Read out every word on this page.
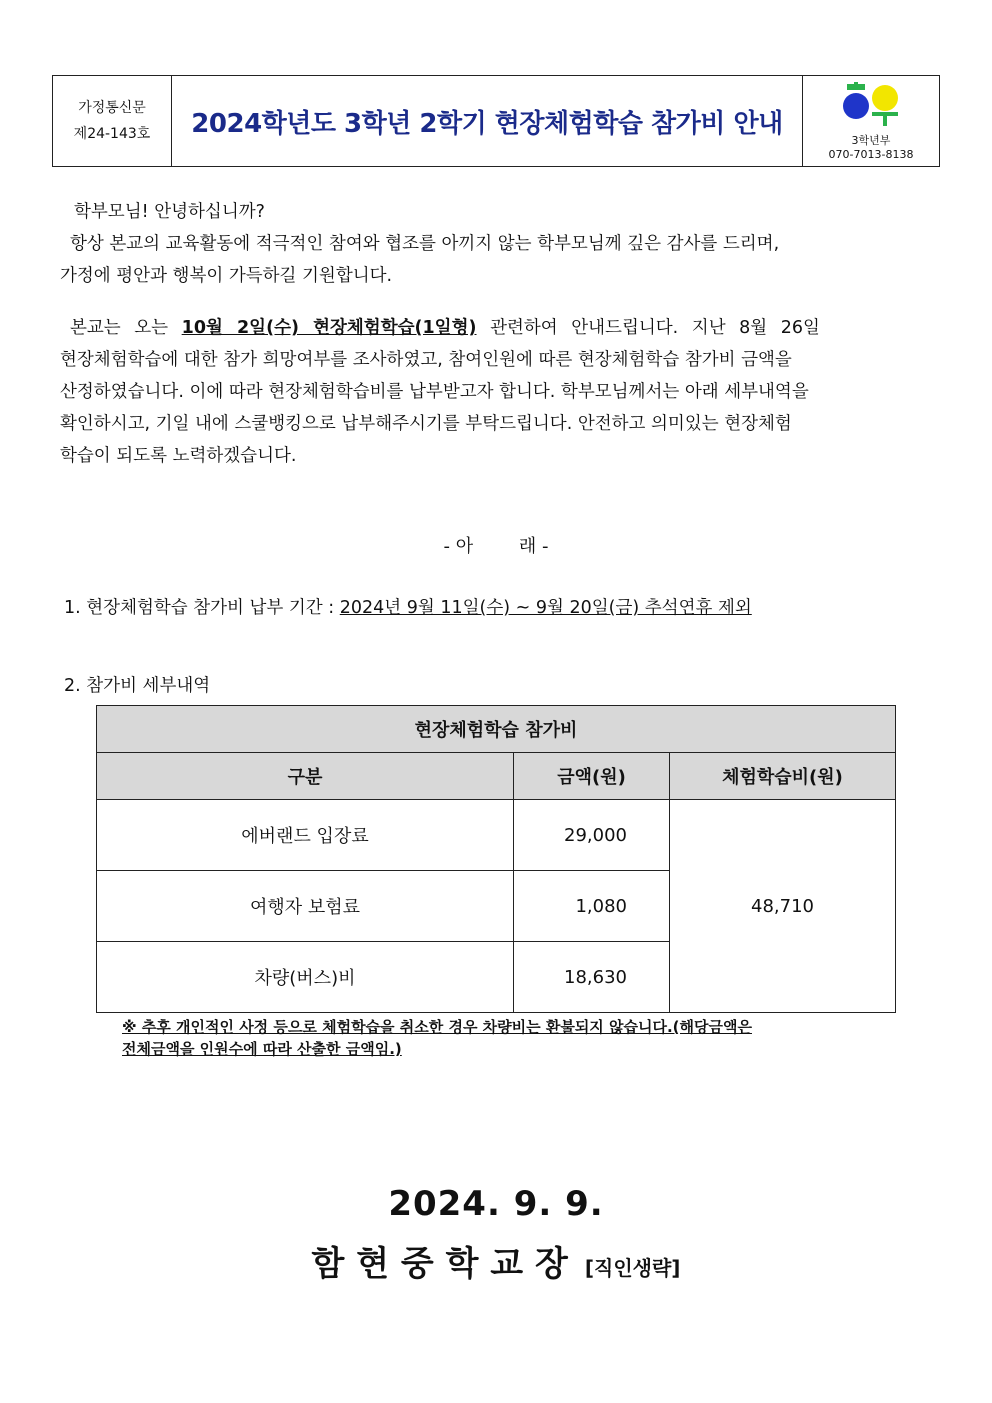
가정통신문
제24-143호	2024학년도 3학년 2학기 현장체험학습 참가비 안내
3학년부
070-7013-8138
학부모님! 안녕하십니까?
항상 본교의 교육활동에 적극적인 참여와 협조를 아끼지 않는 학부모님께 깊은 감사를 드리며,
가정에 평안과 행복이 가득하길 기원합니다.
본교는 오는 10월 2일(수) 현장체험학습(1일형) 관련하여 안내드립니다. 지난 8월 26일
현장체험학습에 대한 참가 희망여부를 조사하였고, 참여인원에 따른 현장체험학습 참가비 금액을
산정하였습니다. 이에 따라 현장체험학습비를 납부받고자 합니다. 학부모님께서는 아래 세부내역을
확인하시고, 기일 내에 스쿨뱅킹으로 납부해주시기를 부탁드립니다. 안전하고 의미있는 현장체험
학습이 되도록 노력하겠습니다.
- 아        래 -
1. 현장체험학습 참가비 납부 기간 : 2024년 9월 11일(수) ~ 9월 20일(금) 추석연휴 제외
2. 참가비 세부내역
현장체험학습 참가비		
구분	금액(원)	체험학습비(원)
에버랜드 입장료	29,000	48,710
여행자 보험료	1,080	
차량(버스)비	18,630	
※ 추후 개인적인 사정 등으로 체험학습을 취소한 경우 차량비는 환불되지 않습니다.(해당금액은
전체금액을 인원수에 따라 산출한 금액임.)
2024. 9. 9.
함 현 중 학 교 장 [직인생략]
